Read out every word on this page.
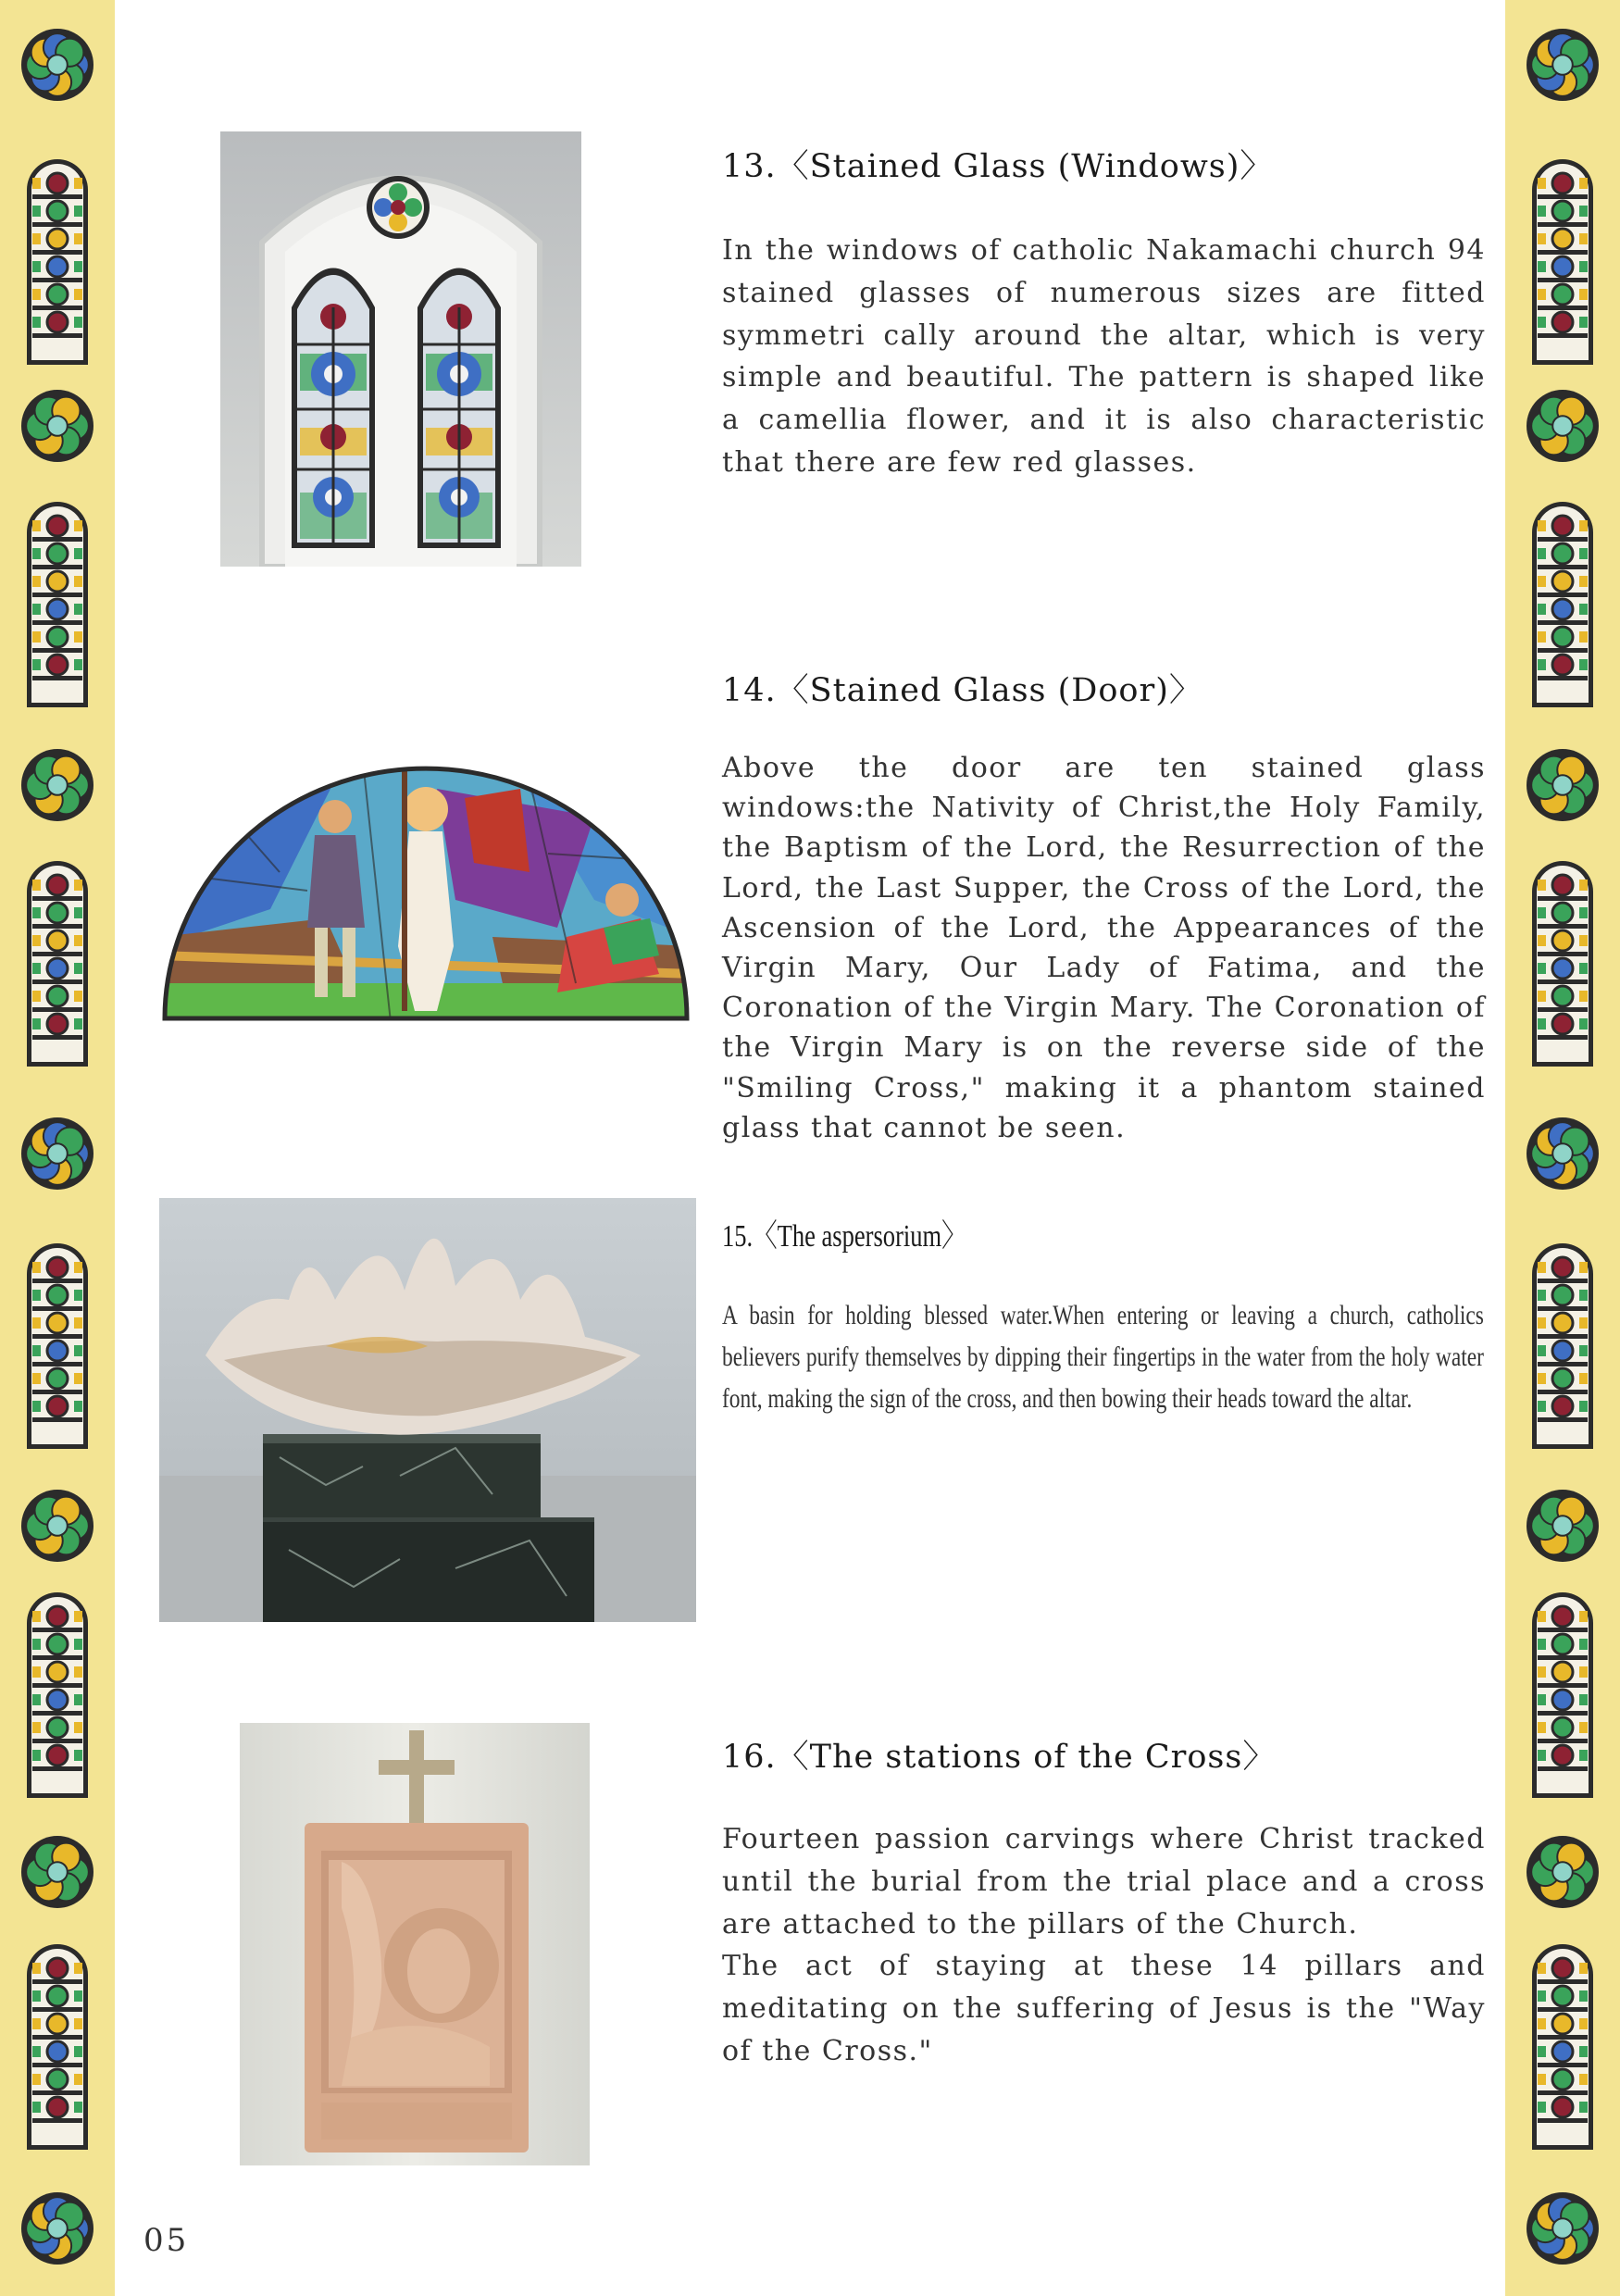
13.〈Stained Glass (Windows)〉
In the windows of catholic Nakamachi church 94 stained glasses of numerous sizes are fitted symmetri cally around the altar, which is very simple and beautiful. The pattern is shaped like a camellia flower, and it is also characteristic that there are few red glasses.
14.〈Stained Glass (Door)〉
Above the door are ten stained glass windows:the Nativity of Christ,the Holy Family, the Baptism of the Lord, the Resurrection of the Lord, the Last Supper, the Cross of the Lord, the Ascension of the Lord, the Appearances of the Virgin Mary, Our Lady of Fatima, and the Coronation of the Virgin Mary. The Coronation of the Virgin Mary is on the reverse side of the "Smiling Cross," making it a phantom stained glass that cannot be seen.
15.〈The aspersorium〉
A basin for holding blessed water.When entering or leaving a church, catholics believers purify themselves by dipping their fingertips in the water from the holy water font, making the sign of the cross, and then bowing their heads toward the altar.
16.〈The stations of the Cross〉

Fourteen passion carvings where Christ tracked until the burial from the trial place and a cross are attached to the pillars of the Church.

The act of staying at these 14 pillars and meditating on the suffering of Jesus is the "Way of the Cross."

05
